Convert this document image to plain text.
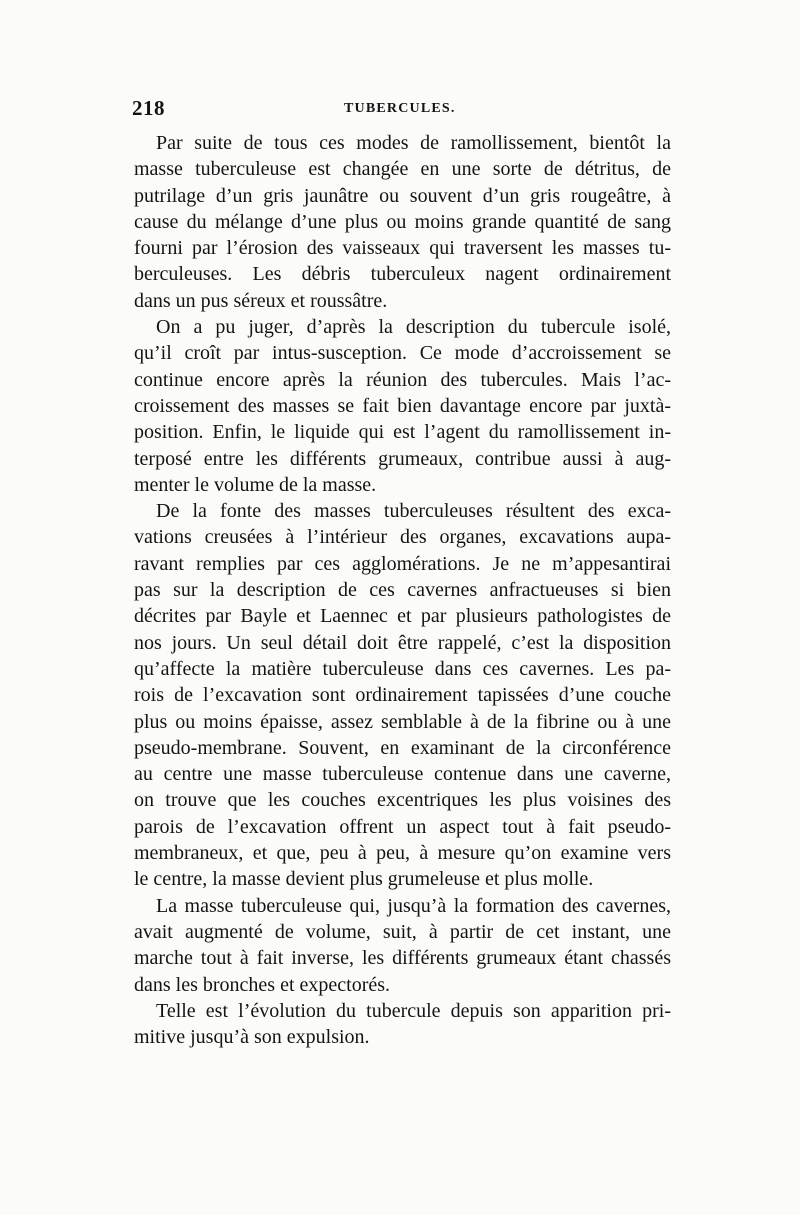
218	TUBERCULES.
Par suite de tous ces modes de ramollissement, bientôt la
masse tuberculeuse est changée en une sorte de détritus, de
putrilage d’un gris jaunâtre ou souvent d’un gris rougeâtre, à
cause du mélange d’une plus ou moins grande quantité de sang
fourni par l’érosion des vaisseaux qui traversent les masses tu-
berculeuses. Les débris tuberculeux nagent ordinairement
dans un pus séreux et roussâtre.
On a pu juger, d’après la description du tubercule isolé,
qu’il croît par intus-susception. Ce mode d’accroissement se
continue encore après la réunion des tubercules. Mais l’ac-
croissement des masses se fait bien davantage encore par juxtà-
position. Enfin, le liquide qui est l’agent du ramollissement in-
terposé entre les différents grumeaux, contribue aussi à aug-
menter le volume de la masse.
De la fonte des masses tuberculeuses résultent des exca-
vations creusées à l’intérieur des organes, excavations aupa-
ravant remplies par ces agglomérations. Je ne m’appesantirai
pas sur la description de ces cavernes anfractueuses si bien
décrites par Bayle et Laennec et par plusieurs pathologistes de
nos jours. Un seul détail doit être rappelé, c’est la disposition
qu’affecte la matière tuberculeuse dans ces cavernes. Les pa-
rois de l’excavation sont ordinairement tapissées d’une couche
plus ou moins épaisse, assez semblable à de la fibrine ou à une
pseudo-membrane. Souvent, en examinant de la circonférence
au centre une masse tuberculeuse contenue dans une caverne,
on trouve que les couches excentriques les plus voisines des
parois de l’excavation offrent un aspect tout à fait pseudo-
membraneux, et que, peu à peu, à mesure qu’on examine vers
le centre, la masse devient plus grumeleuse et plus molle.
La masse tuberculeuse qui, jusqu’à la formation des cavernes,
avait augmenté de volume, suit, à partir de cet instant, une
marche tout à fait inverse, les différents grumeaux étant chassés
dans les bronches et expectorés.
Telle est l’évolution du tubercule depuis son apparition pri-
mitive jusqu’à son expulsion.
